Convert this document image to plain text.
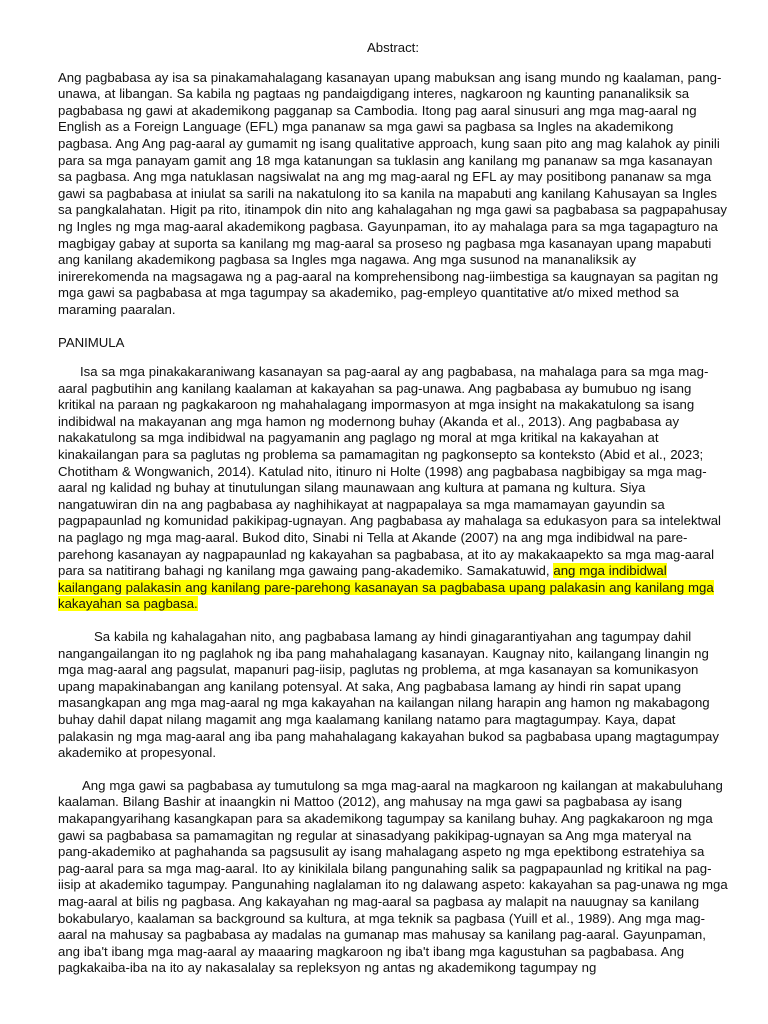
Abstract:

Ang pagbabasa ay isa sa pinakamahalagang kasanayan upang mabuksan ang isang mundo ng kaalaman, pang-unawa, at libangan. Sa kabila ng pagtaas ng pandaigdigang interes, nagkaroon ng kaunting pananaliksik sa pagbabasa ng gawi at akademikong pagganap sa Cambodia. Itong pag aaral sinusuri ang mga mag-aaral ng English as a Foreign Language (EFL) mga pananaw sa mga gawi sa pagbasa sa Ingles na akademikong pagbasa. Ang Ang pag-aaral ay gumamit ng isang qualitative approach, kung saan pito ang mag kalahok ay pinili para sa mga panayam gamit ang 18 mga katanungan sa tuklasin ang kanilang mg pananaw sa mga kasanayan sa pagbasa. Ang mga natuklasan nagsiwalat na ang mg mag-aaral ng EFL ay may positibong pananaw sa mga gawi sa pagbabasa at iniulat sa sarili na nakatulong ito sa kanila na mapabuti ang kanilang Kahusayan sa Ingles sa pangkalahatan. Higit pa rito, itinampok din nito ang kahalagahan ng mga gawi sa pagbabasa sa pagpapahusay ng Ingles ng mga mag-aaral akademikong pagbasa. Gayunpaman, ito ay mahalaga para sa mga tagapagturo na magbigay gabay at suporta sa kanilang mg mag-aaral sa proseso ng pagbasa mga kasanayan upang mapabuti ang kanilang akademikong pagbasa sa Ingles mga nagawa. Ang mga susunod na mananaliksik ay inirerekomenda na magsagawa ng a pag-aaral na komprehensibong nag-iimbestiga sa kaugnayan sa pagitan ng mga gawi sa pagbabasa at mga tagumpay sa akademiko, pag-empleyo quantitative at/o mixed method sa maraming paaralan.

PANIMULA

Isa sa mga pinakakaraniwang kasanayan sa pag-aaral ay ang pagbabasa, na mahalaga para sa mga mag-aaral pagbutihin ang kanilang kaalaman at kakayahan sa pag-unawa. Ang pagbabasa ay bumubuo ng isang kritikal na paraan ng pagkakaroon ng mahahalagang impormasyon at mga insight na makakatulong sa isang indibidwal na makayanan ang mga hamon ng modernong buhay (Akanda et al., 2013). Ang pagbabasa ay nakakatulong sa mga indibidwal na pagyamanin ang paglago ng moral at mga kritikal na kakayahan at kinakailangan para sa paglutas ng problema sa pamamagitan ng pagkonsepto sa konteksto (Abid et al., 2023; Chotitham & Wongwanich, 2014). Katulad nito, itinuro ni Holte (1998) ang pagbabasa nagbibigay sa mga mag-aaral ng kalidad ng buhay at tinutulungan silang maunawaan ang kultura at pamana ng kultura. Siya nangatuwiran din na ang pagbabasa ay naghihikayat at nagpapalaya sa mga mamamayan gayundin sa pagpapaunlad ng komunidad pakikipag-ugnayan. Ang pagbabasa ay mahalaga sa edukasyon para sa intelektwal na paglago ng mga mag-aaral. Bukod dito, Sinabi ni Tella at Akande (2007) na ang mga indibidwal na pare-parehong kasanayan ay nagpapaunlad ng kakayahan sa pagbabasa, at ito ay makakaapekto sa mga mag-aaral para sa natitirang bahagi ng kanilang mga gawaing pang-akademiko. Samakatuwid, ang mga indibidwal kailangang palakasin ang kanilang pare-parehong kasanayan sa pagbabasa upang palakasin ang kanilang mga kakayahan sa pagbasa.

Sa kabila ng kahalagahan nito, ang pagbabasa lamang ay hindi ginagarantiyahan ang tagumpay dahil nangangailangan ito ng paglahok ng iba pang mahahalagang kasanayan. Kaugnay nito, kailangang linangin ng mga mag-aaral ang pagsulat, mapanuri pag-iisip, paglutas ng problema, at mga kasanayan sa komunikasyon upang mapakinabangan ang kanilang potensyal. At saka, Ang pagbabasa lamang ay hindi rin sapat upang masangkapan ang mga mag-aaral ng mga kakayahan na kailangan nilang harapin ang hamon ng makabagong buhay dahil dapat nilang magamit ang mga kaalamang kanilang natamo para magtagumpay. Kaya, dapat palakasin ng mga mag-aaral ang iba pang mahahalagang kakayahan bukod sa pagbabasa upang magtagumpay akademiko at propesyonal.

Ang mga gawi sa pagbabasa ay tumutulong sa mga mag-aaral na magkaroon ng kailangan at makabuluhang kaalaman. Bilang Bashir at inaangkin ni Mattoo (2012), ang mahusay na mga gawi sa pagbabasa ay isang makapangyarihang kasangkapan para sa akademikong tagumpay sa kanilang buhay. Ang pagkakaroon ng mga gawi sa pagbabasa sa pamamagitan ng regular at sinasadyang pakikipag-ugnayan sa Ang mga materyal na pang-akademiko at paghahanda sa pagsusulit ay isang mahalagang aspeto ng mga epektibong estratehiya sa pag-aaral para sa mga mag-aaral. Ito ay kinikilala bilang pangunahing salik sa pagpapaunlad ng kritikal na pag-iisip at akademiko tagumpay. Pangunahing naglalaman ito ng dalawang aspeto: kakayahan sa pag-unawa ng mga mag-aaral at bilis ng pagbasa. Ang kakayahan ng mag-aaral sa pagbasa ay malapit na nauugnay sa kanilang bokabularyo, kaalaman sa background sa kultura, at mga teknik sa pagbasa (Yuill et al., 1989). Ang mga mag-aaral na mahusay sa pagbabasa ay madalas na gumanap mas mahusay sa kanilang pag-aaral. Gayunpaman, ang iba't ibang mga mag-aaral ay maaaring magkaroon ng iba't ibang mga kagustuhan sa pagbabasa. Ang pagkakaiba-iba na ito ay nakasalalay sa repleksyon ng antas ng akademikong tagumpay ng
